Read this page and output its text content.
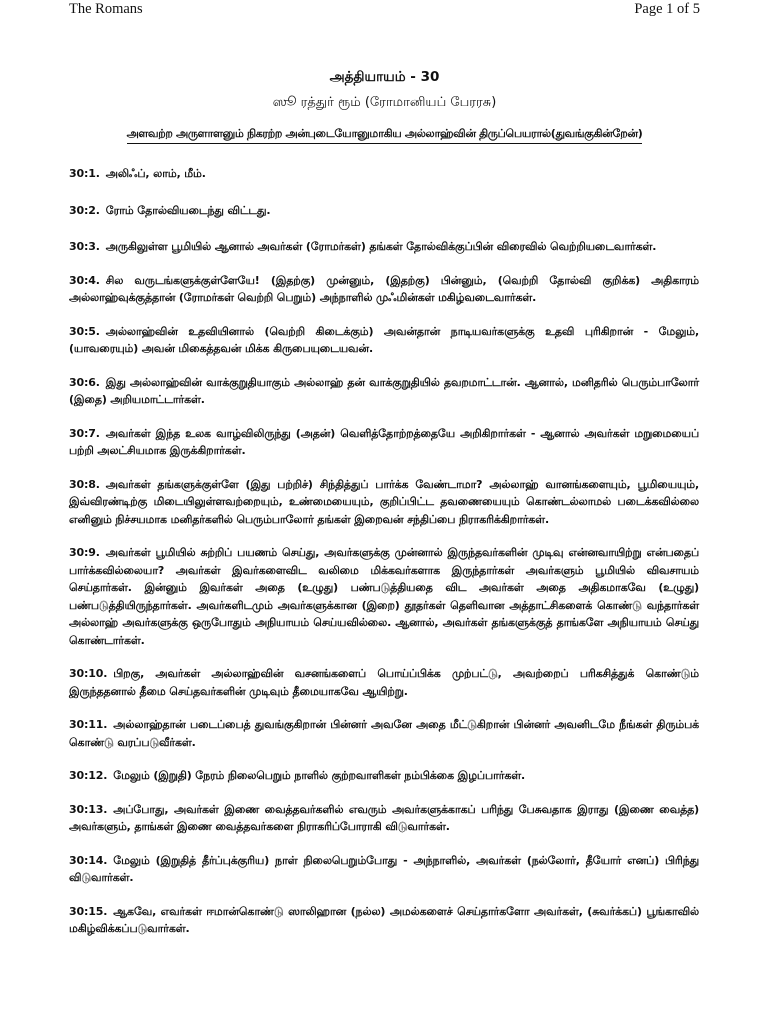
The Romans	Page 1 of 5
அத்தியாயம் - 30
ஸூ ரத்துர் ரூம் (ரோமானியப் பேரரசு)
அளவற்ற அருளாளனும் நிகரற்ற அன்புடையோனுமாகிய அல்லாஹ்வின் திருப்பெயரால்(துவங்குகின்றேன்)

30:1. அலிஃப், லாம், மீம்.

30:2. ரோம் தோல்வியடைந்து விட்டது.

30:3. அருகிலுள்ள பூமியில் ஆனால் அவர்கள் (ரோமர்கள்) தங்கள் தோல்விக்குப்பின் விரைவில் வெற்றியடைவார்கள்.

30:4. சில வருடங்களுக்குள்ளேயே! (இதற்கு) முன்னும், (இதற்கு) பின்னும், (வெற்றி தோல்வி குறிக்க) அதிகாரம் அல்லாஹ்வுக்குத்தான் (ரோமர்கள் வெற்றி பெறும்) அந்நாளில் முஃமின்கள் மகிழ்வடைவார்கள்.

30:5. அல்லாஹ்வின் உதவியினால் (வெற்றி கிடைக்கும்) அவன்தான் நாடியவர்களுக்கு உதவி புரிகிறான் - மேலும், (யாவரையும்) அவன் மிகைத்தவன் மிக்க கிருபையுடையவன்.

30:6. இது அல்லாஹ்வின் வாக்குறுதியாகும் அல்லாஹ் தன் வாக்குறுதியில் தவறமாட்டான். ஆனால், மனிதரில் பெரும்பாலோர் (இதை) அறியமாட்டார்கள்.

30:7. அவர்கள் இந்த உலக வாழ்விலிருந்து (அதன்) வெளித்தோற்றத்தையே அறிகிறார்கள் - ஆனால் அவர்கள் மறுமையைப் பற்றி அலட்சியமாக இருக்கிறார்கள்.

30:8. அவர்கள் தங்களுக்குள்ளே (இது பற்றிச்) சிந்தித்துப் பார்க்க வேண்டாமா? அல்லாஹ் வானங்களையும், பூமியையும், இவ்விரண்டிற்கு மிடையிலுள்ளவற்றையும், உண்மையையும், குறிப்பிட்ட தவணையையும் கொண்டல்லாமல் படைக்கவில்லை எனினும் நிச்சயமாக மனிதர்களில் பெரும்பாலோர் தங்கள் இறைவன் சந்திப்பை நிராகரிக்கிறார்கள்.

30:9. அவர்கள் பூமியில் சுற்றிப் பயணம் செய்து, அவர்களுக்கு முன்னால் இருந்தவர்களின் முடிவு என்னவாயிற்று என்பதைப் பார்க்கவில்லையா? அவர்கள் இவர்களைவிட வலிமை மிக்கவர்களாக இருந்தார்கள் அவர்களும் பூமியில் விவசாயம் செய்தார்கள். இன்னும் இவர்கள் அதை (உழுது) பண்படுத்தியதை விட அவர்கள் அதை அதிகமாகவே (உழுது) பண்படுத்தியிருந்தார்கள். அவர்களிடமும் அவர்களுக்கான (இறை) தூதர்கள் தெளிவான அத்தாட்சிகளைக் கொண்டு வந்தார்கள் அல்லாஹ் அவர்களுக்கு ஒருபோதும் அநியாயம் செய்யவில்லை. ஆனால், அவர்கள் தங்களுக்குத் தாங்களே அநியாயம் செய்து கொண்டார்கள்.

30:10. பிறகு, அவர்கள் அல்லாஹ்வின் வசனங்களைப் பொய்ப்பிக்க முற்பட்டு, அவற்றைப் பரிகசித்துக் கொண்டும் இருந்ததனால் தீமை செய்தவர்களின் முடிவும் தீமையாகவே ஆயிற்று.

30:11. அல்லாஹ்தான் படைப்பைத் துவங்குகிறான் பின்னர் அவனே அதை மீட்டுகிறான் பின்னர் அவனிடமே நீங்கள் திரும்பக் கொண்டு வரப்படுவீர்கள்.

30:12. மேலும் (இறுதி) நேரம் நிலைபெறும் நாளில் குற்றவாளிகள் நம்பிக்கை இழப்பார்கள்.

30:13. அப்போது, அவர்கள் இணை வைத்தவர்களில் எவரும் அவர்களுக்காகப் பரிந்து பேசுவதாக இராது (இணை வைத்த) அவர்களும், தாங்கள் இணை வைத்தவர்களை நிராகரிப்போராகி விடுவார்கள்.

30:14. மேலும் (இறுதித் தீர்ப்புக்குரிய) நாள் நிலைபெறும்போது - அந்நாளில், அவர்கள் (நல்லோர், தீயோர் எனப்) பிரிந்து விடுவார்கள்.

30:15. ஆகவே, எவர்கள் ஈமான்கொண்டு ஸாலிஹான (நல்ல) அமல்களைச் செய்தார்களோ அவர்கள், (சுவர்க்கப்) பூங்காவில் மகிழ்விக்கப்படுவார்கள்.
